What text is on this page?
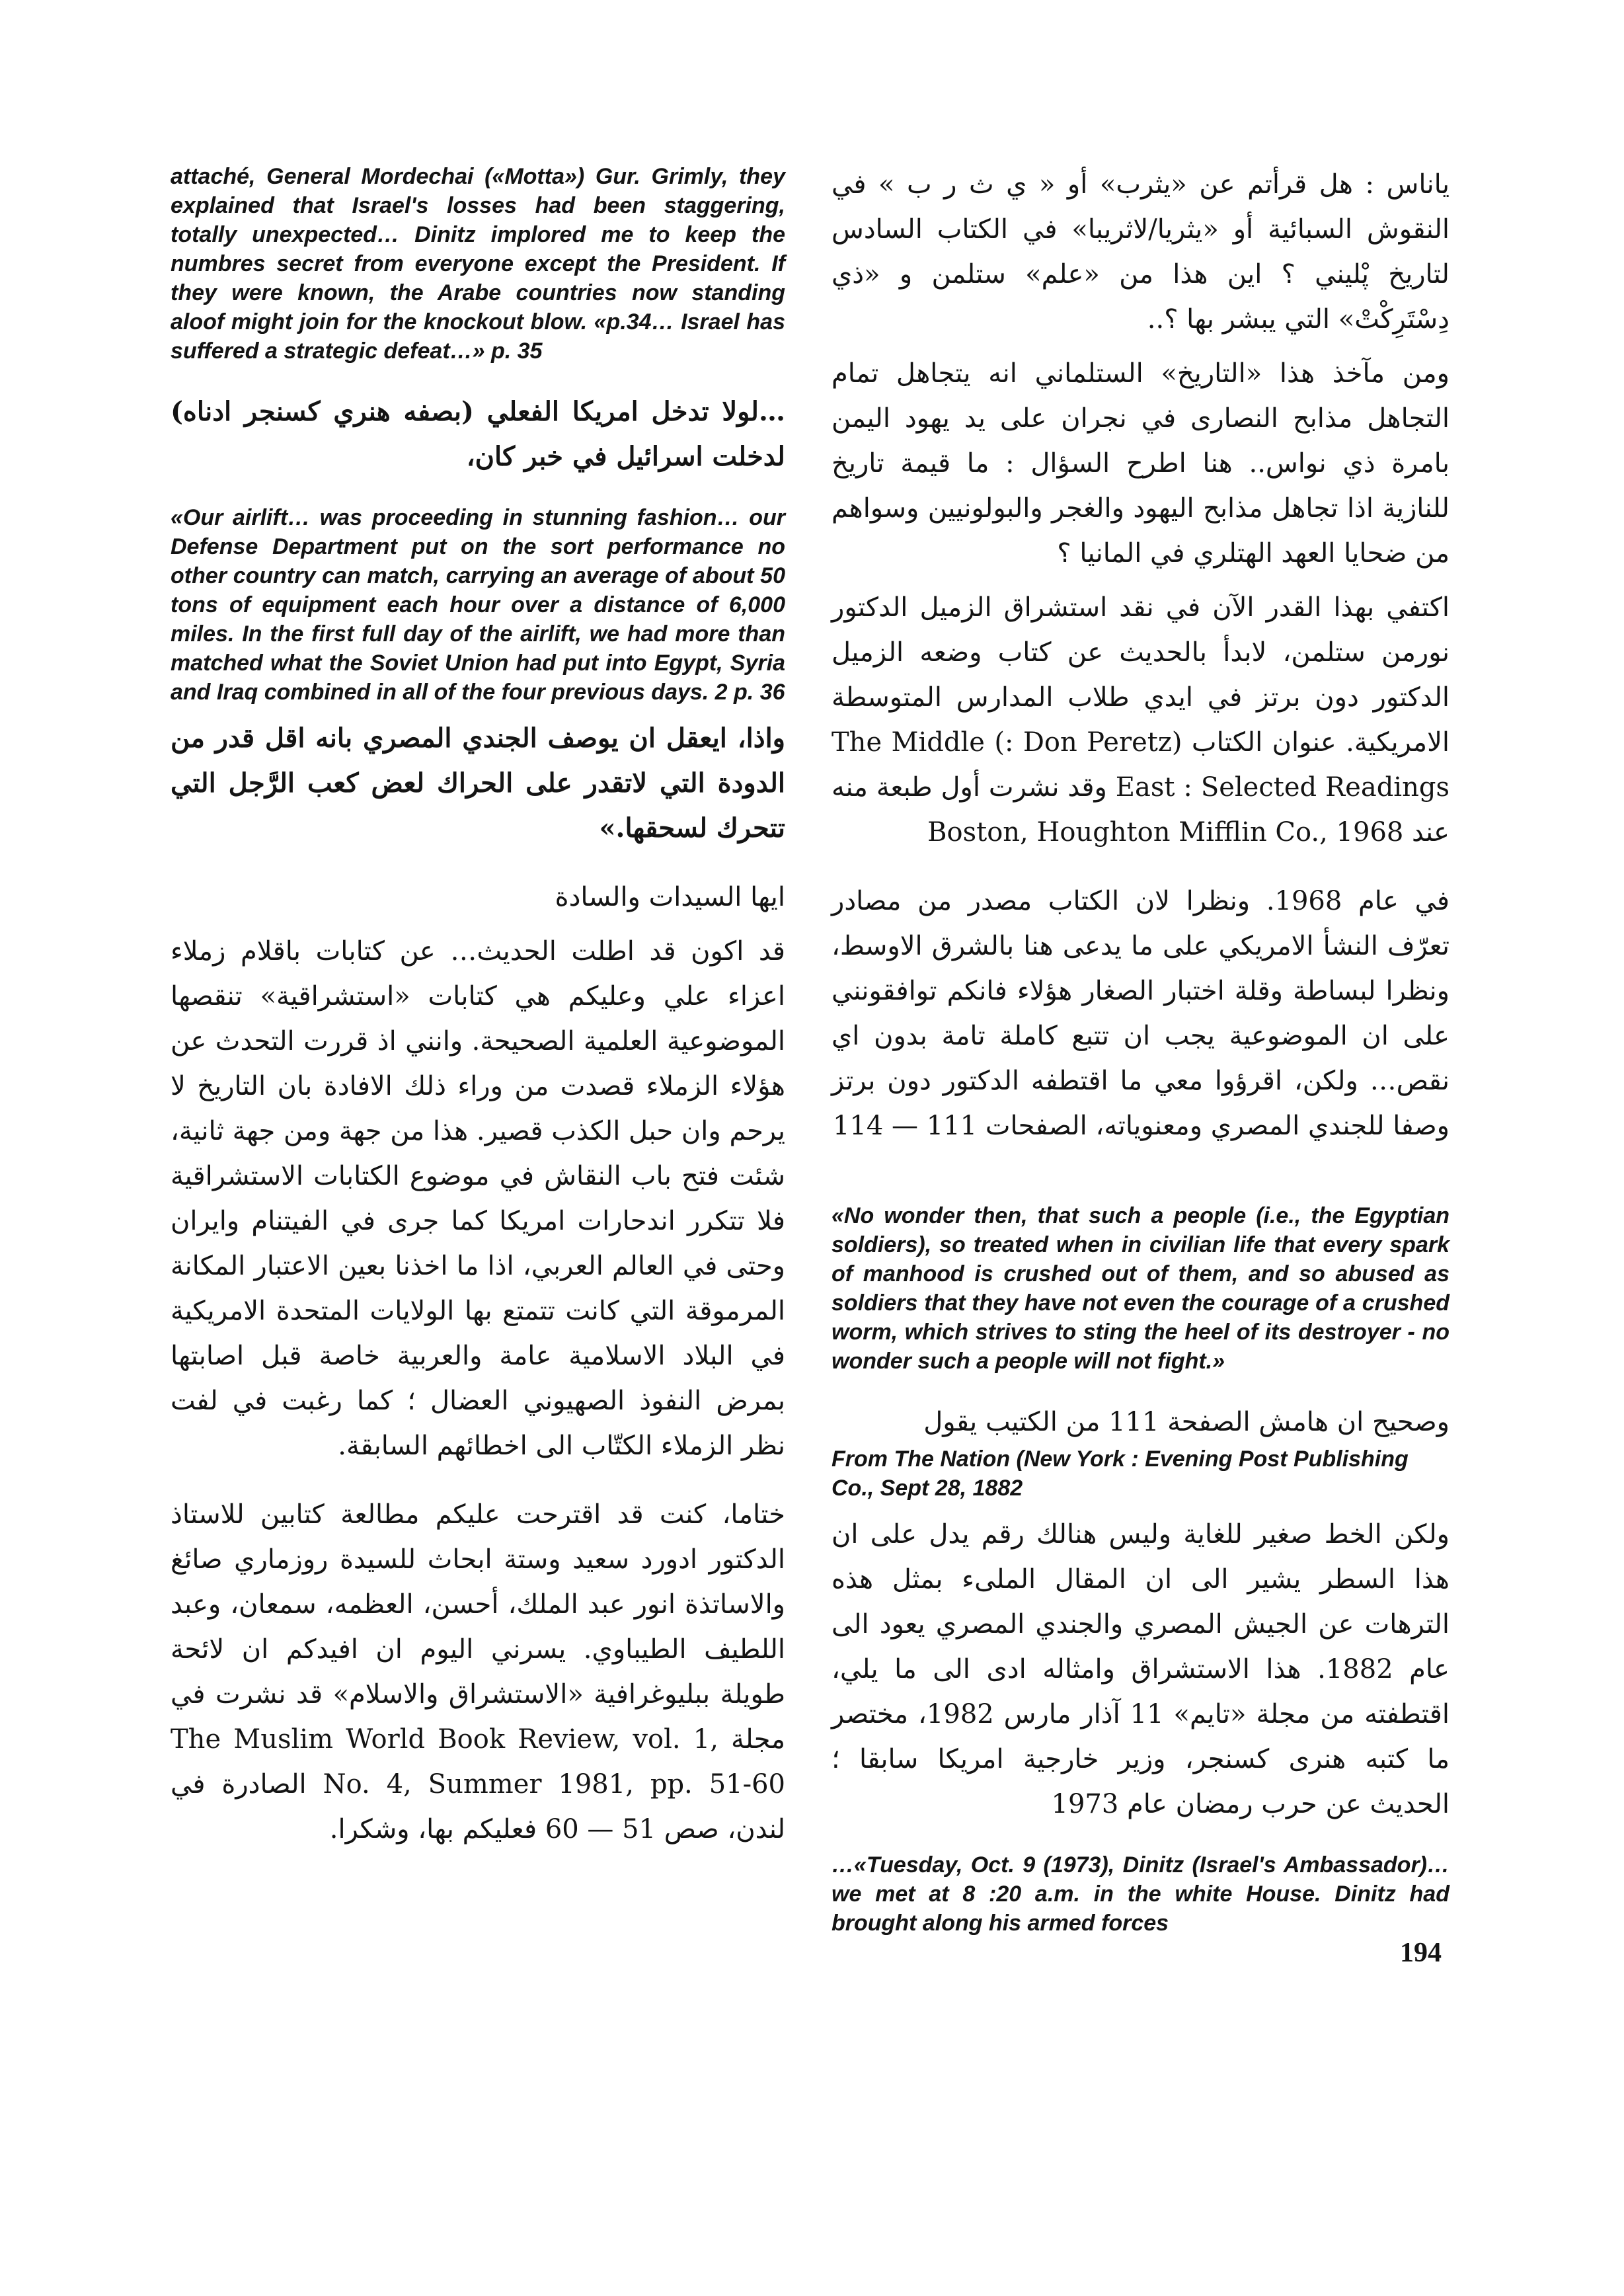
attaché, General Mordechai («Motta») Gur. Grimly, they explained that Israel's losses had been staggering, totally unexpected… Dinitz implored me to keep the numbres secret from everyone except the President. If they were known, the Arabe countries now standing aloof might join for the knockout blow. «p.34… Israel has suffered a strategic defeat…» p. 35

…لولا تدخل امريكا الفعلي (بصفه هنري كسنجر ادناه) لدخلت اسرائيل في خبر كان،

«Our airlift… was proceeding in stunning fashion… our Defense Department put on the sort performance no other country can match, carrying an average of about 50 tons of equipment each hour over a distance of 6,000 miles. In the first full day of the airlift, we had more than matched what the Soviet Union had put into Egypt, Syria and Iraq combined in all of the four previous days. 2 p. 36

واذا، ايعقل ان يوصف الجندي المصري بانه اقل قدر من الدودة التي لاتقدر على الحراك لعض كعب الرَّجل التي تتحرك لسحقها.»

ايها السيدات والسادة

قد اكون قد اطلت الحديث… عن كتابات باقلام زملاء اعزاء علي وعليكم هي كتابات «استشراقية» تنقصها الموضوعية العلمية الصحيحة. وانني اذ قررت التحدث عن هؤلاء الزملاء قصدت من وراء ذلك الافادة بان التاريخ لا يرحم وان حبل الكذب قصير. هذا من جهة ومن جهة ثانية، شئت فتح باب النقاش في موضوع الكتابات الاستشراقية فلا تتكرر اندحارات امريكا كما جرى في الفيتنام وايران وحتى في العالم العربي، اذا ما اخذنا بعين الاعتبار المكانة المرموقة التي كانت تتمتع بها الولايات المتحدة الامريكية في البلاد الاسلامية عامة والعربية خاصة قبل اصابتها بمرض النفوذ الصهيوني العضال ؛ كما رغبت في لفت نظر الزملاء الكتّاب الى اخطائهم السابقة.

ختاما، كنت قد اقترحت عليكم مطالعة كتابين للاستاذ الدكتور ادورد سعيد وستة ابحاث للسيدة روزماري صائغ والاساتذة انور عبد الملك، أحسن، العظمه، سمعان، وعبد اللطيف الطيباوي. يسرني اليوم ان افيدكم ان لائحة طويلة ببليوغرافية «الاستشراق والاسلام» قد نشرت في مجلة The Muslim World Book Review, vol. 1, No. 4, Summer 1981, pp. 51-60 الصادرة في لندن، صص 51 — 60 فعليكم بها، وشكرا.

ياناس : هل قرأتم عن «يثرب» أو « ي ث ر ب » في النقوش السبائية أو «يثريا/لاثريبا» في الكتاب السادس لتاريخ پْليني ؟ اين هذا من «علم» ستلمن و «ذي دِسْتَرِكْتْ» التي يبشر بها ؟..

ومن مآخذ هذا «التاريخ» الستلماني انه يتجاهل تمام التجاهل مذابح النصارى في نجران على يد يهود اليمن بامرة ذي نواس.. هنا اطرح السؤال : ما قيمة تاريخ للنازية اذا تجاهل مذابح اليهود والغجر والبولونيين وسواهم من ضحايا العهد الهتلري في المانيا ؟

اكتفي بهذا القدر الآن في نقد استشراق الزميل الدكتور نورمن ستلمن، لابدأ بالحديث عن كتاب وضعه الزميل الدكتور دون برتز في ايدي طلاب المدارس المتوسطة الامريكية. عنوان الكتاب (Don Peretz :) The Middle East : Selected Readings وقد نشرت أول طبعة منه عند Boston, Houghton Mifflin Co., 1968

في عام 1968. ونظرا لان الكتاب مصدر من مصادر تعرّف النشأ الامريكي على ما يدعى هنا بالشرق الاوسط، ونظرا لبساطة وقلة اختبار الصغار هؤلاء فانكم توافقونني على ان الموضوعية يجب ان تتبع كاملة تامة بدون اي نقص… ولكن، اقرؤوا معي ما اقتطفه الدكتور دون برتز وصفا للجندي المصري ومعنوياته، الصفحات 111 — 114

«No wonder then, that such a people (i.e., the Egyptian soldiers), so treated when in civilian life that every spark of manhood is crushed out of them, and so abused as soldiers that they have not even the courage of a crushed worm, which strives to sting the heel of its destroyer - no wonder such a people will not fight.»

وصحيح ان هامش الصفحة 111 من الكتيب يقول

From The Nation (New York : Evening Post Publishing Co., Sept 28, 1882

ولكن الخط صغير للغاية وليس هنالك رقم يدل على ان هذا السطر يشير الى ان المقال الملىء بمثل هذه الترهات عن الجيش المصري والجندي المصري يعود الى عام 1882. هذا الاستشراق وامثاله ادى الى ما يلي، اقتطفته من مجلة «تايم» 11 آذار مارس 1982، مختصر ما كتبه هنرى كسنجر، وزير خارجية امريكا سابقا ؛ الحديث عن حرب رمضان عام 1973

…«Tuesday, Oct. 9 (1973), Dinitz (Israel's Ambassador)… we met at 8 :20 a.m. in the white House. Dinitz had brought along his armed forces

194
